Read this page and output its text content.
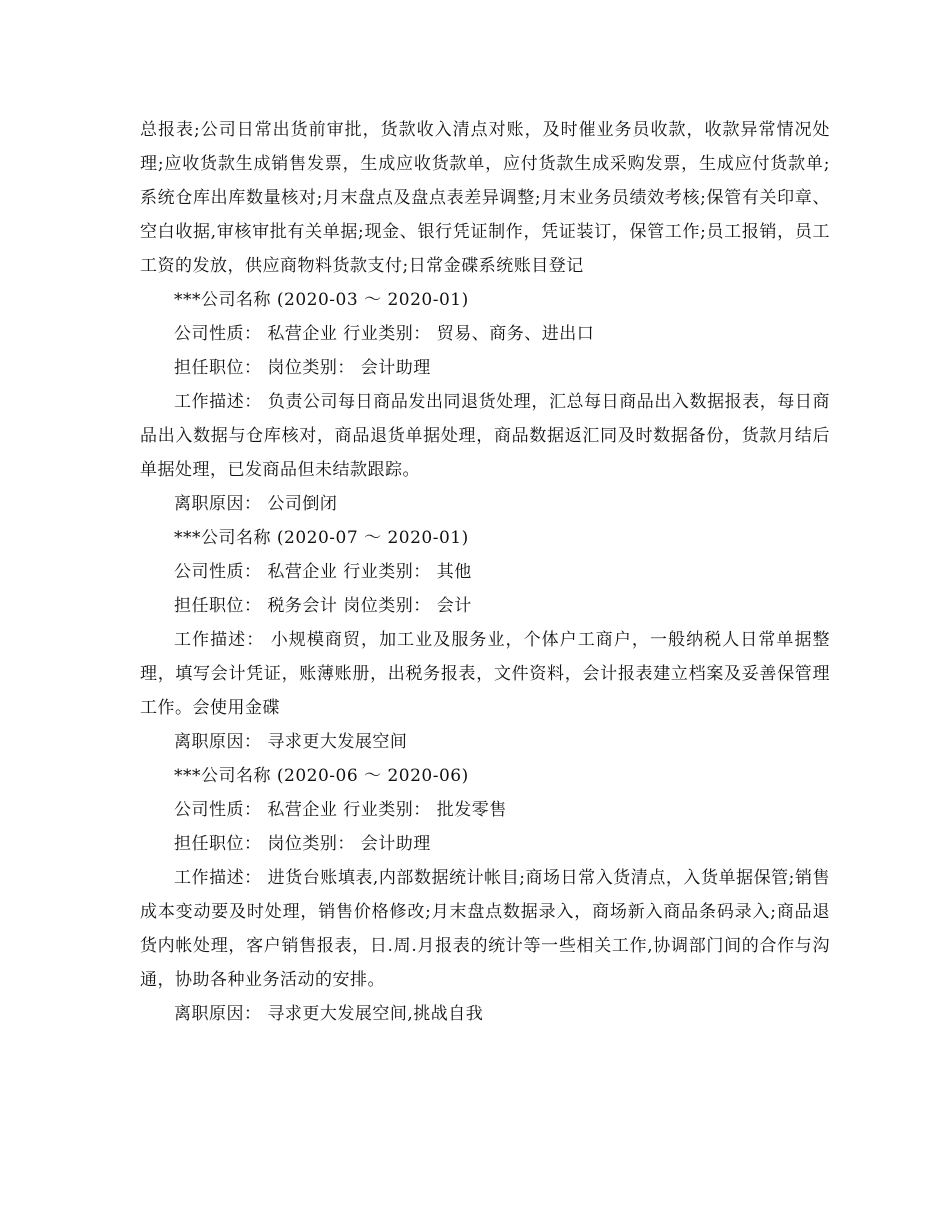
总报表;公司日常出货前审批，货款收入清点对账，及时催业务员收款，收款异常情况处理;应收货款生成销售发票，生成应收货款单，应付货款生成采购发票，生成应付货款单;系统仓库出库数量核对;月末盘点及盘点表差异调整;月末业务员绩效考核;保管有关印章、空白收据,审核审批有关单据;现金、银行凭证制作，凭证装订，保管工作;员工报销，员工工资的发放，供应商物料货款支付;日常金碟系统账目登记

***公司名称 (2020-03 ～ 2020-01)

公司性质： 私营企业 行业类别： 贸易、商务、进出口

担任职位： 岗位类别： 会计助理

工作描述： 负责公司每日商品发出同退货处理，汇总每日商品出入数据报表，每日商品出入数据与仓库核对，商品退货单据处理，商品数据返汇同及时数据备份，货款月结后单据处理，已发商品但未结款跟踪。

离职原因： 公司倒闭

***公司名称 (2020-07 ～ 2020-01)

公司性质： 私营企业 行业类别： 其他

担任职位： 税务会计 岗位类别： 会计

工作描述： 小规模商贸，加工业及服务业，个体户工商户，一般纳税人日常单据整理，填写会计凭证，账薄账册，出税务报表，文件资料，会计报表建立档案及妥善保管理工作。会使用金碟

离职原因： 寻求更大发展空间

***公司名称 (2020-06 ～ 2020-06)

公司性质： 私营企业 行业类别： 批发零售

担任职位： 岗位类别： 会计助理

工作描述： 进货台账填表,内部数据统计帐目;商场日常入货清点，入货单据保管;销售成本变动要及时处理，销售价格修改;月末盘点数据录入，商场新入商品条码录入;商品退货内帐处理，客户销售报表，日.周.月报表的统计等一些相关工作,协调部门间的合作与沟通，协助各种业务活动的安排。

离职原因： 寻求更大发展空间,挑战自我
